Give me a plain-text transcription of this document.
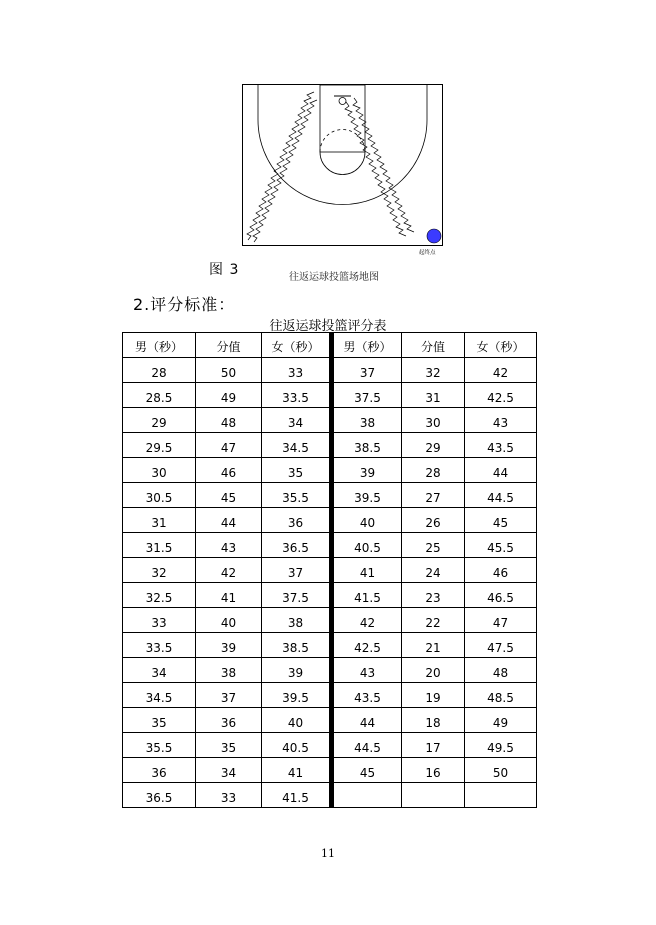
起终点
图 3	往返运球投篮场地图
2.评分标准：
往返运球投篮评分表
男（秒）	分值	女（秒）	男（秒）	分值	女（秒）
28	50	33	37	32	42
28.5	49	33.5	37.5	31	42.5
29	48	34	38	30	43
29.5	47	34.5	38.5	29	43.5
30	46	35	39	28	44
30.5	45	35.5	39.5	27	44.5
31	44	36	40	26	45
31.5	43	36.5	40.5	25	45.5
32	42	37	41	24	46
32.5	41	37.5	41.5	23	46.5
33	40	38	42	22	47
33.5	39	38.5	42.5	21	47.5
34	38	39	43	20	48
34.5	37	39.5	43.5	19	48.5
35	36	40	44	18	49
35.5	35	40.5	44.5	17	49.5
36	34	41	45	16	50
36.5	33	41.5			
11
